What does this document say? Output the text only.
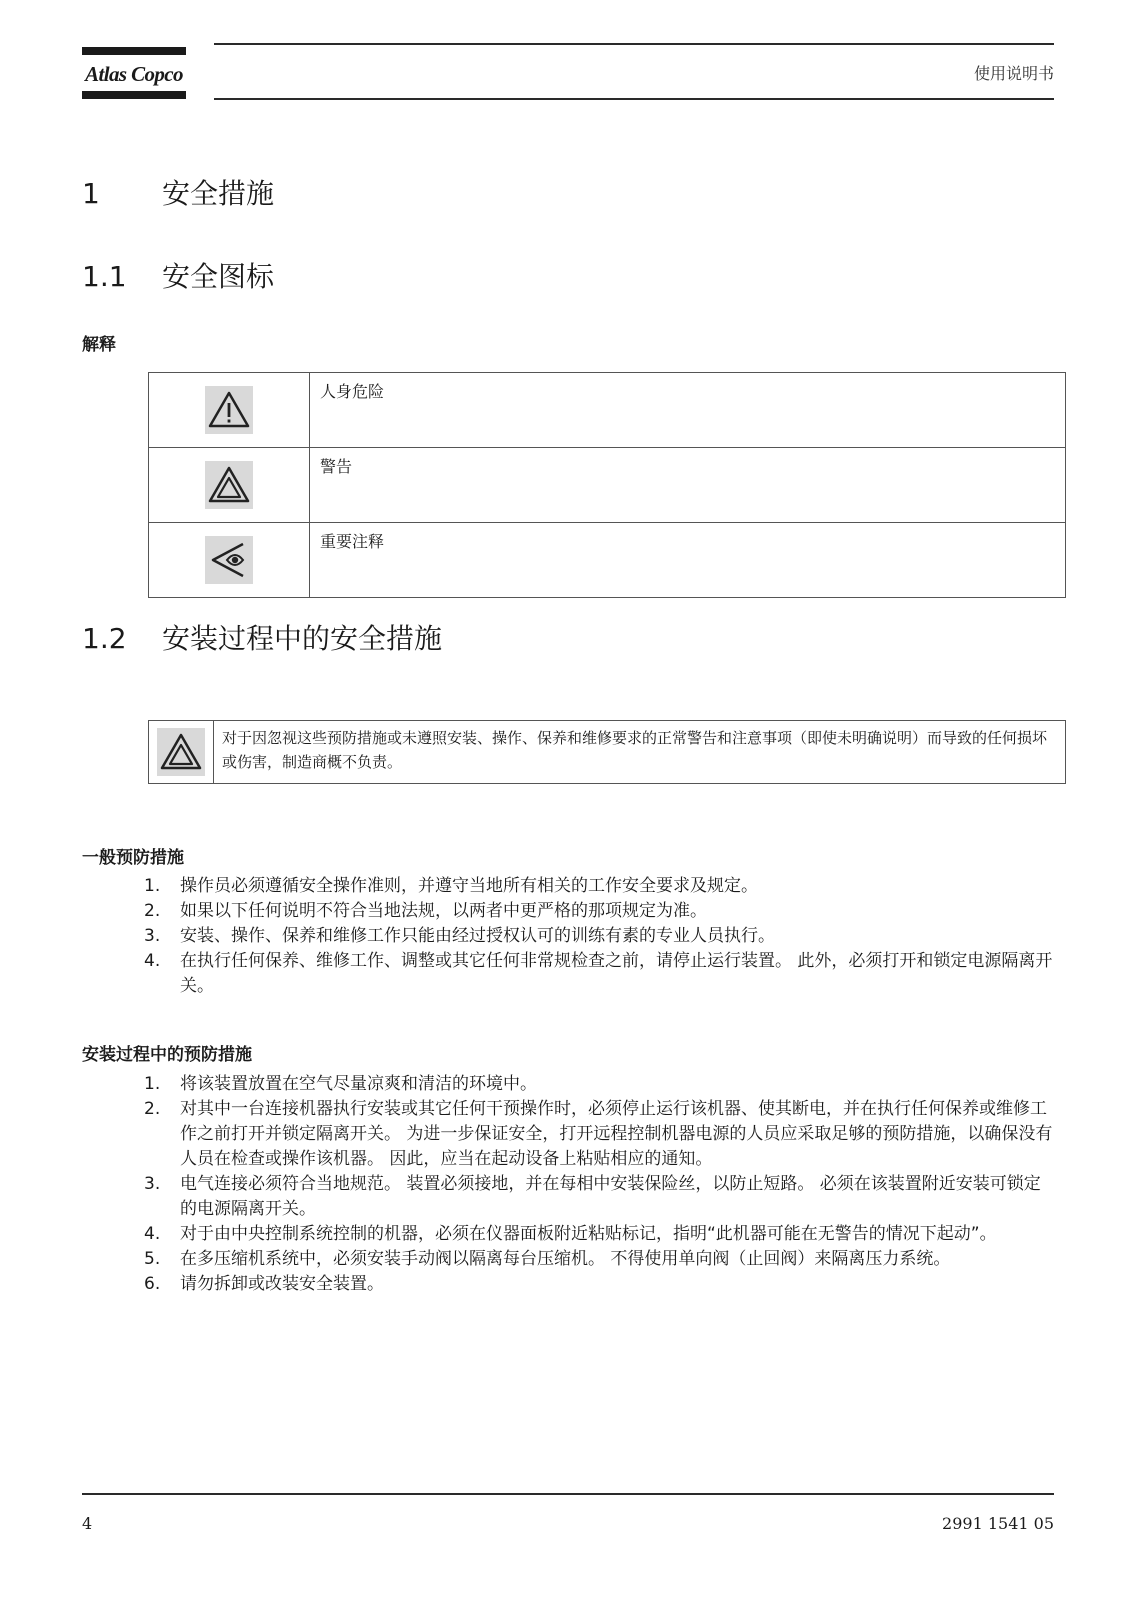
Atlas Copco	使用说明书
1 安全措施
1.1 安全图标
解释
	人身危险

	警告

	重要注释
1.2 安装过程中的安全措施
	对于因忽视这些预防措施或未遵照安装、操作、保养和维修要求的正常警告和注意事项（即使未明确说明）而导致的任何损坏或伤害，制造商概不负责。
一般预防措施
1.	操作员必须遵循安全操作准则，并遵守当地所有相关的工作安全要求及规定。
2.	如果以下任何说明不符合当地法规，以两者中更严格的那项规定为准。
3.	安装、操作、保养和维修工作只能由经过授权认可的训练有素的专业人员执行。
4.	在执行任何保养、维修工作、调整或其它任何非常规检查之前，请停止运行装置。 此外，必须打开和锁定电源隔离开关。
安装过程中的预防措施
1.	将该装置放置在空气尽量凉爽和清洁的环境中。
2.	对其中一台连接机器执行安装或其它任何干预操作时，必须停止运行该机器、使其断电，并在执行任何保养或维修工作之前打开并锁定隔离开关。 为进一步保证安全，打开远程控制机器电源的人员应采取足够的预防措施，以确保没有人员在检查或操作该机器。 因此，应当在起动设备上粘贴相应的通知。
3.	电气连接必须符合当地规范。 装置必须接地，并在每相中安装保险丝，以防止短路。 必须在该装置附近安装可锁定的电源隔离开关。
4.	对于由中央控制系统控制的机器，必须在仪器面板附近粘贴标记，指明“此机器可能在无警告的情况下起动”。
5.	在多压缩机系统中，必须安装手动阀以隔离每台压缩机。 不得使用单向阀（止回阀）来隔离压力系统。
6.	请勿拆卸或改装安全装置。
4	2991 1541 05
